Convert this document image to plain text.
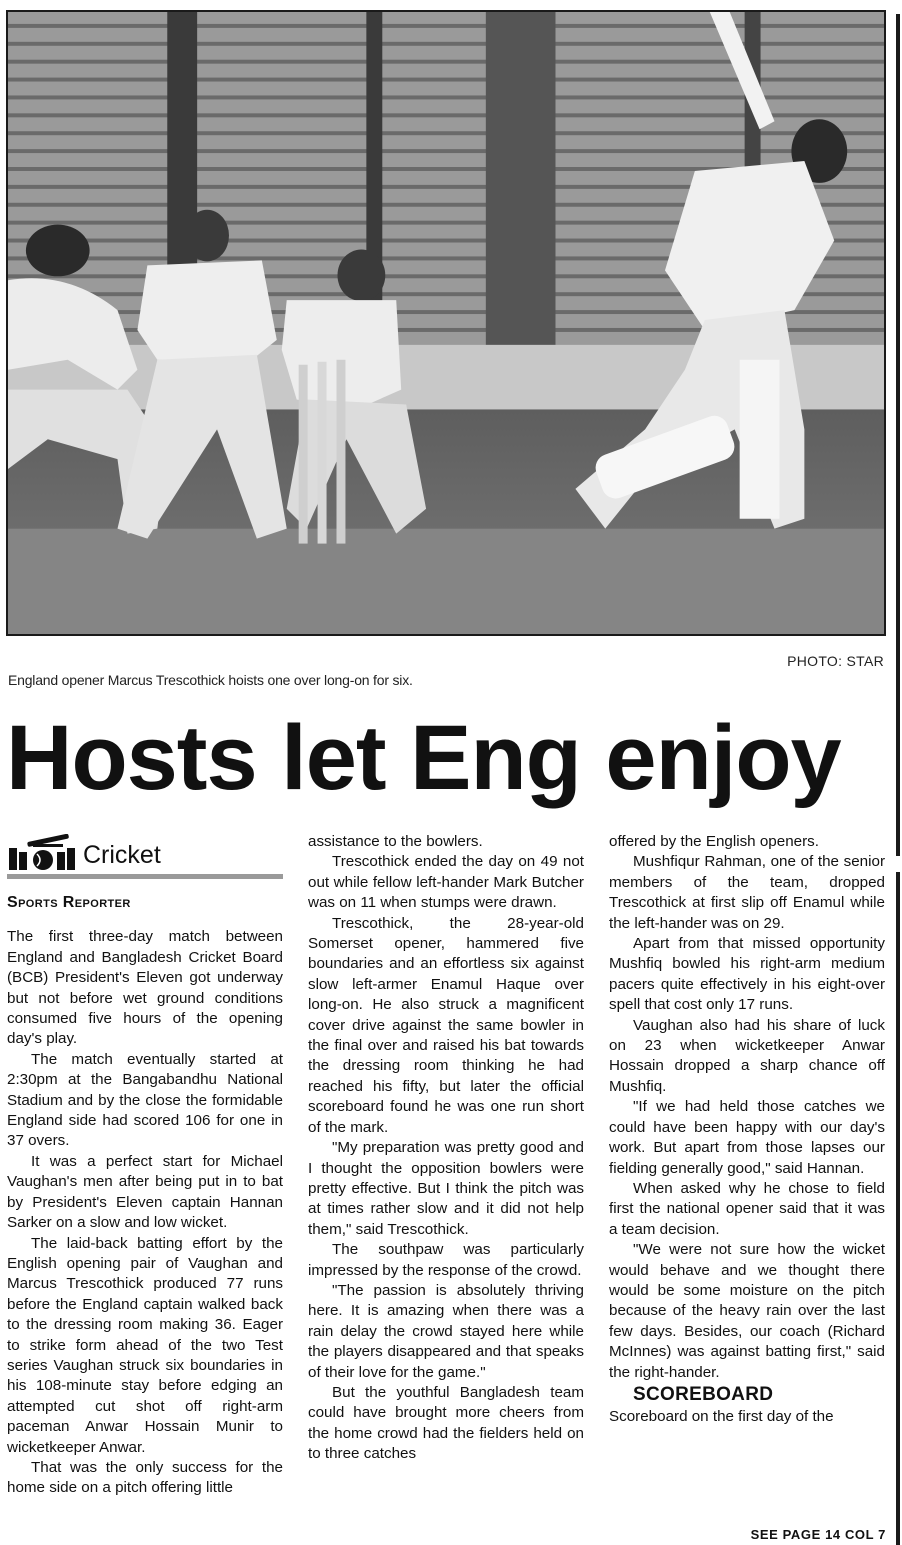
PHOTO: STAR
England opener Marcus Trescothick hoists one over long-on for six.
Hosts let Eng enjoy
Cricket
Sports Reporter

The first three-day match between England and Bangladesh Cricket Board (BCB) President's Eleven got underway but not before wet ground conditions consumed five hours of the opening day's play.

The match eventually started at 2:30pm at the Bangabandhu National Stadium and by the close the formidable England side had scored 106 for one in 37 overs.

It was a perfect start for Michael Vaughan's men after being put in to bat by President's Eleven captain Hannan Sarker on a slow and low wicket.

The laid-back batting effort by the English opening pair of Vaughan and Marcus Trescothick produced 77 runs before the England captain walked back to the dressing room making 36. Eager to strike form ahead of the two Test series Vaughan struck six boundaries in his 108-minute stay before edging an attempted cut shot off right-arm paceman Anwar Hossain Munir to wicketkeeper Anwar.

That was the only success for the home side on a pitch offering little

assistance to the bowlers.

Trescothick ended the day on 49 not out while fellow left-hander Mark Butcher was on 11 when stumps were drawn.

Trescothick, the 28-year-old Somerset opener, hammered five boundaries and an effortless six against slow left-armer Enamul Haque over long-on. He also struck a magnificent cover drive against the same bowler in the final over and raised his bat towards the dressing room thinking he had reached his fifty, but later the official scoreboard found he was one run short of the mark.

"My preparation was pretty good and I thought the opposition bowlers were pretty effective. But I think the pitch was at times rather slow and it did not help them," said Trescothick.

The southpaw was particularly impressed by the response of the crowd.

"The passion is absolutely thriving here. It is amazing when there was a rain delay the crowd stayed here while the players disappeared and that speaks of their love for the game."

But the youthful Bangladesh team could have brought more cheers from the home crowd had the fielders held on to three catches

offered by the English openers.

Mushfiqur Rahman, one of the senior members of the team, dropped Trescothick at first slip off Enamul while the left-hander was on 29.

Apart from that missed opportunity Mushfiq bowled his right-arm medium pacers quite effectively in his eight-over spell that cost only 17 runs.

Vaughan also had his share of luck on 23 when wicketkeeper Anwar Hossain dropped a sharp chance off Mushfiq.

"If we had held those catches we could have been happy with our day's work. But apart from those lapses our fielding generally good," said Hannan.

When asked why he chose to field first the national opener said that it was a team decision.

"We were not sure how the wicket would behave and we thought there would be some moisture on the pitch because of the heavy rain over the last few days. Besides, our coach (Richard McInnes) was against batting first," said the right-hander.

SCOREBOARD

Scoreboard on the first day of the

SEE PAGE 14 COL 7
